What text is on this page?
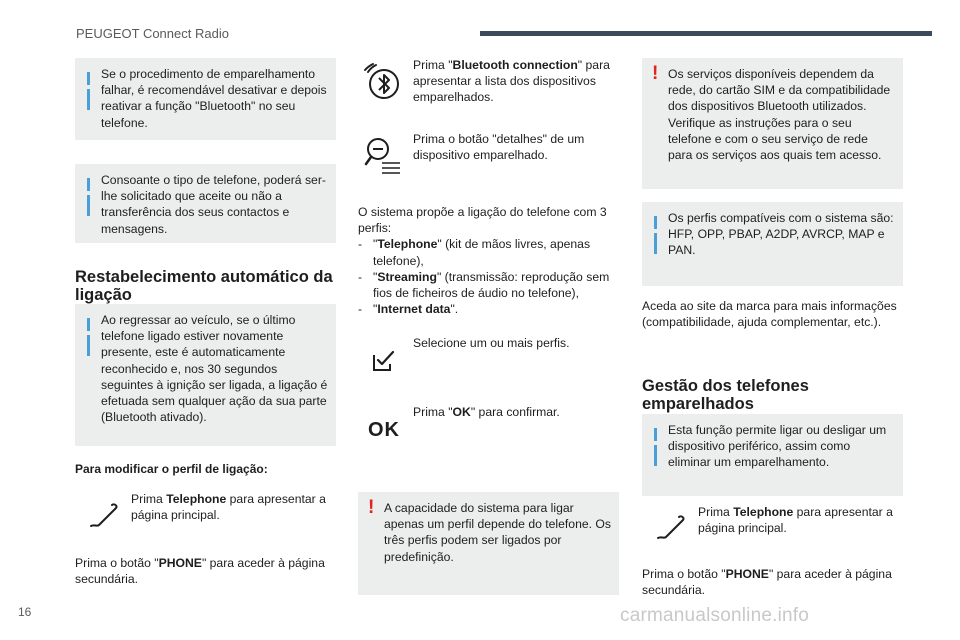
PEUGEOT Connect Radio
Se o procedimento de emparelhamento falhar, é recomendável desativar e depois reativar a função "Bluetooth" no seu telefone.
Consoante o tipo de telefone, poderá ser-lhe solicitado que aceite ou não a transferência dos seus contactos e mensagens.
Restabelecimento automático da ligação
Ao regressar ao veículo, se o último telefone ligado estiver novamente presente, este é automaticamente reconhecido e, nos 30 segundos seguintes à ignição ser ligada, a ligação é efetuada sem qualquer ação da sua parte (Bluetooth ativado).
Para modificar o perfil de ligação:
Prima Telephone para apresentar a página principal.
Prima o botão "PHONE" para aceder à página secundária.
Prima "Bluetooth connection" para apresentar a lista dos dispositivos emparelhados.
Prima o botão "detalhes" de um dispositivo emparelhado.
O sistema propõe a ligação do telefone com 3 perfis:
- "Telephone" (kit de mãos livres, apenas telefone),
- "Streaming" (transmissão: reprodução sem fios de ficheiros de áudio no telefone),
- "Internet data".
Selecione um ou mais perfis.
OK
Prima "OK" para confirmar.
! A capacidade do sistema para ligar apenas um perfil depende do telefone. Os três perfis podem ser ligados por predefinição.
! Os serviços disponíveis dependem da rede, do cartão SIM e da compatibilidade dos dispositivos Bluetooth utilizados. Verifique as instruções para o seu telefone e com o seu serviço de rede para os serviços aos quais tem acesso.
Os perfis compatíveis com o sistema são: HFP, OPP, PBAP, A2DP, AVRCP, MAP e PAN.
Aceda ao site da marca para mais informações (compatibilidade, ajuda complementar, etc.).
Gestão dos telefones emparelhados
Esta função permite ligar ou desligar um dispositivo periférico, assim como eliminar um emparelhamento.
Prima Telephone para apresentar a página principal.
Prima o botão "PHONE" para aceder à página secundária.
16	carmanualsonline.info
